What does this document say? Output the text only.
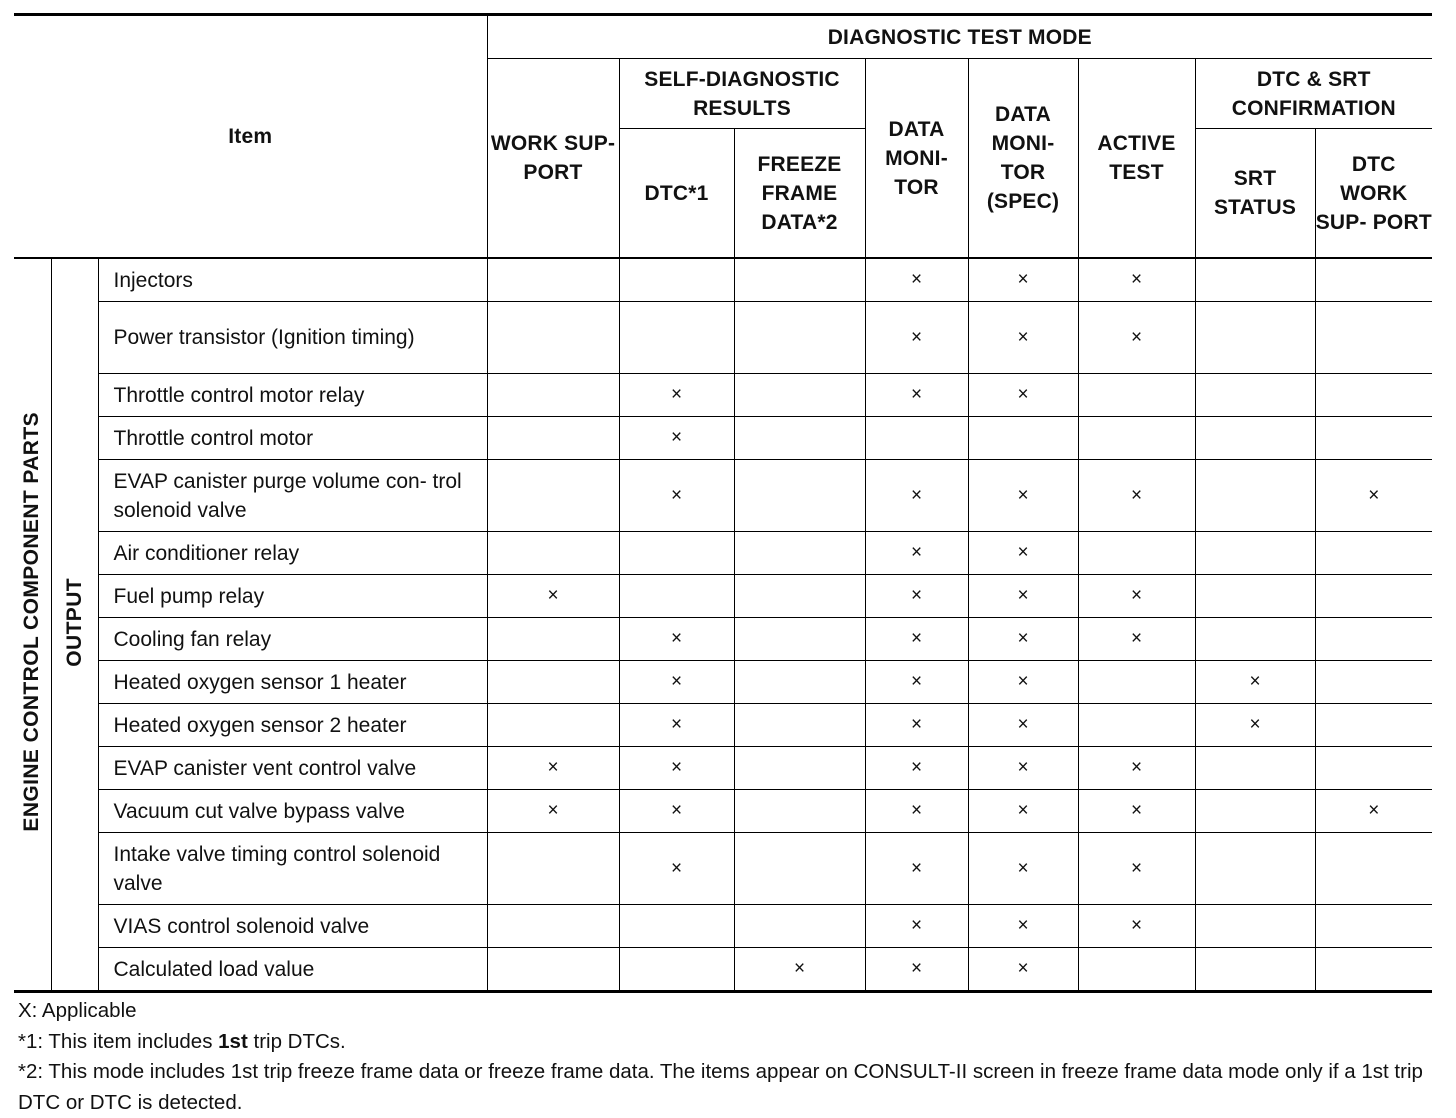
Item			DIAGNOSTIC TEST MODE							
			WORK SUP- PORT	SELF-DIAGNOSTIC RESULTS		DATA MONI- TOR	DATA MONI- TOR (SPEC)	ACTIVE TEST	DTC & SRT CONFIRMATION	
				DTC*1	FREEZE FRAME DATA*2				SRT STATUS	DTC WORK SUP- PORT
ENGINE CONTROL COMPONENT PARTS	OUTPUT	Injectors				×	×	×		
		Power transistor (Ignition timing)				×	×	×		
		Throttle control motor relay		×		×	×			
		Throttle control motor		×						
		EVAP canister purge volume con- trol solenoid valve		×		×	×	×		×
		Air conditioner relay				×	×			
		Fuel pump relay	×			×	×	×		
		Cooling fan relay		×		×	×	×		
		Heated oxygen sensor 1 heater		×		×	×		×	
		Heated oxygen sensor 2 heater		×		×	×		×	
		EVAP canister vent control valve	×	×		×	×	×		
		Vacuum cut valve bypass valve	×	×		×	×	×		×
		Intake valve timing control solenoid valve		×		×	×	×		
		VIAS control solenoid valve				×	×	×		
		Calculated load value			×	×	×			
X: Applicable
*1: This item includes 1st trip DTCs.
*2: This mode includes 1st trip freeze frame data or freeze frame data. The items appear on CONSULT-II screen in freeze frame data mode only if a 1st trip DTC or DTC is detected.
